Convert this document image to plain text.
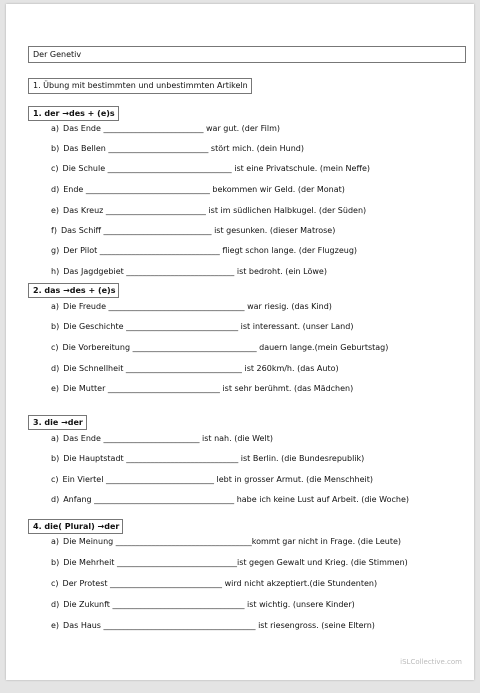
Der Genetiv
1. Übung mit bestimmten und unbestimmten Artikeln
1. der →des + (e)s
a) Das Ende _________________________ war gut. (der Film)
b) Das Bellen _________________________ stört mich. (dein Hund)
c) Die Schule _______________________________ ist eine Privatschule. (mein Neffe)
d) Ende _______________________________ bekommen wir Geld. (der Monat)
e) Das Kreuz _________________________ ist im südlichen Halbkugel. (der Süden)
f) Das Schiff ___________________________ ist gesunken. (dieser Matrose)
g) Der Pilot ______________________________ fliegt schon lange. (der Flugzeug)
h) Das Jagdgebiet ___________________________ ist bedroht. (ein Löwe)
2. das →des + (e)s
a) Die Freude __________________________________ war riesig. (das Kind)
b) Die Geschichte ____________________________ ist interessant. (unser Land)
c) Die Vorbereitung _______________________________ dauern lange.(mein Geburtstag)
d) Die Schnellheit _____________________________ ist 260km/h. (das Auto)
e) Die Mutter ____________________________ ist sehr berühmt. (das Mädchen)
3. die →der
a) Das Ende ________________________ ist nah. (die Welt)
b) Die Hauptstadt ____________________________ ist Berlin. (die Bundesrepublik)
c) Ein Viertel ___________________________ lebt in grosser Armut. (die Menschheit)
d) Anfang ___________________________________ habe ich keine Lust auf Arbeit. (die Woche)
4. die( Plural) →der
a) Die Meinung __________________________________kommt gar nicht in Frage. (die Leute)
b) Die Mehrheit ______________________________ist gegen Gewalt und Krieg. (die Stimmen)
c) Der Protest ____________________________ wird nicht akzeptiert.(die Stundenten)
d) Die Zukunft _________________________________ ist wichtig. (unsere Kinder)
e) Das Haus ______________________________________ ist riesengross. (seine Eltern)
iSLCollective.com
